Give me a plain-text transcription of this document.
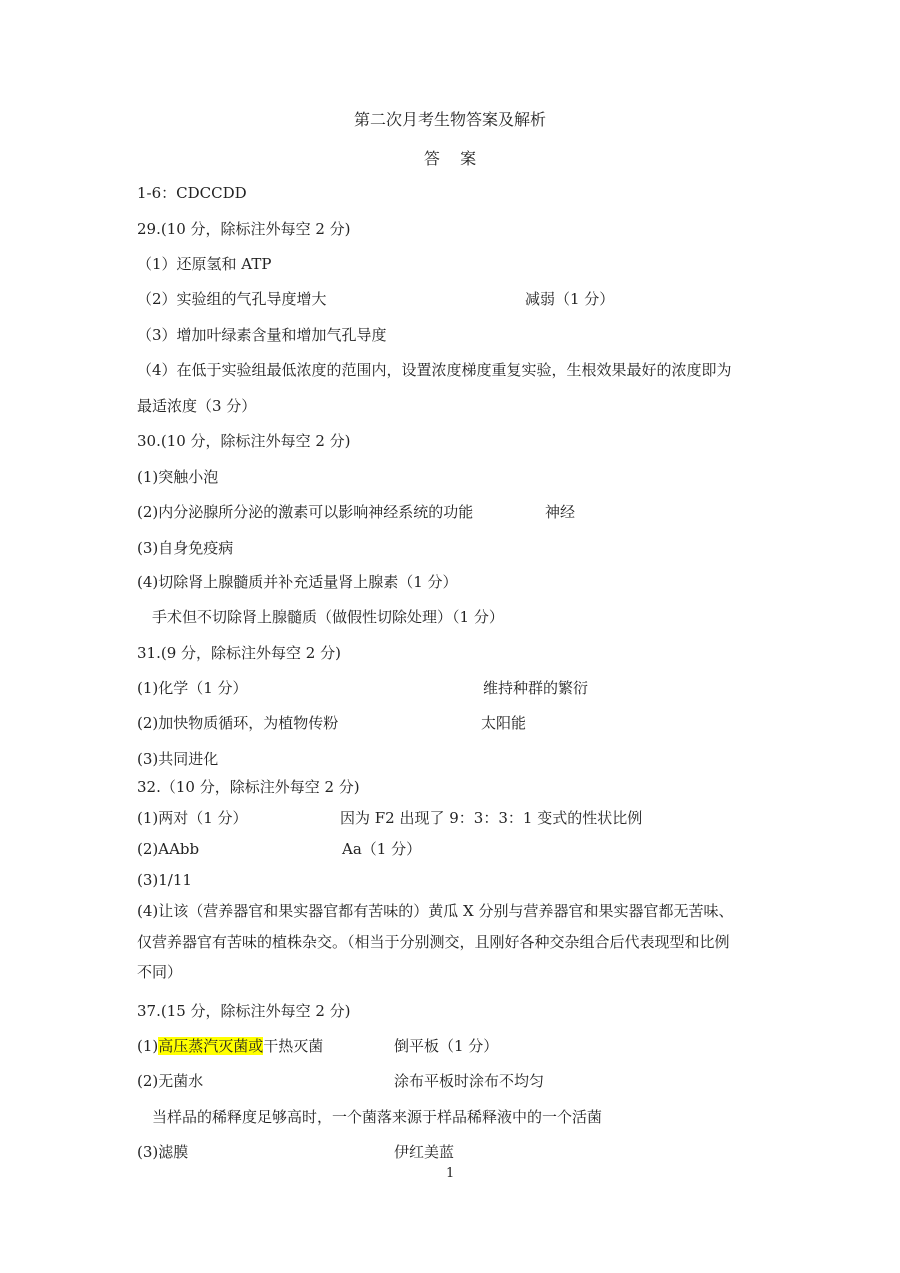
第二次月考生物答案及解析
答    案
1-6：CDCCDD
29.(10 分，除标注外每空 2 分)
（1）还原氢和 ATP
（2）实验组的气孔导度增大	减弱（1 分）
（3）增加叶绿素含量和增加气孔导度
（4）在低于实验组最低浓度的范围内，设置浓度梯度重复实验，生根效果最好的浓度即为
最适浓度（3 分）
30.(10 分，除标注外每空 2 分)
(1)突触小泡
(2)内分泌腺所分泌的激素可以影响神经系统的功能	神经
(3)自身免疫病
(4)切除肾上腺髓质并补充适量肾上腺素（1 分）
手术但不切除肾上腺髓质（做假性切除处理）（1 分）
31.(9 分，除标注外每空 2 分)
(1)化学（1 分）	维持种群的繁衍
(2)加快物质循环，为植物传粉	太阳能
(3)共同进化
32.（10 分，除标注外每空 2 分)
(1)两对（1 分）	因为 F2 出现了 9：3：3：1 变式的性状比例
(2)AAbb	Aa（1 分）
(3)1/11
(4)让该（营养器官和果实器官都有苦味的）黄瓜 X 分别与营养器官和果实器官都无苦味、
仅营养器官有苦味的植株杂交。（相当于分别测交，且刚好各种交杂组合后代表现型和比例
不同）
37.(15 分，除标注外每空 2 分)
(1)高压蒸汽灭菌或干热灭菌	倒平板（1 分）
(2)无菌水	涂布平板时涂布不均匀
当样品的稀释度足够高时，一个菌落来源于样品稀释液中的一个活菌
(3)滤膜	伊红美蓝
1
